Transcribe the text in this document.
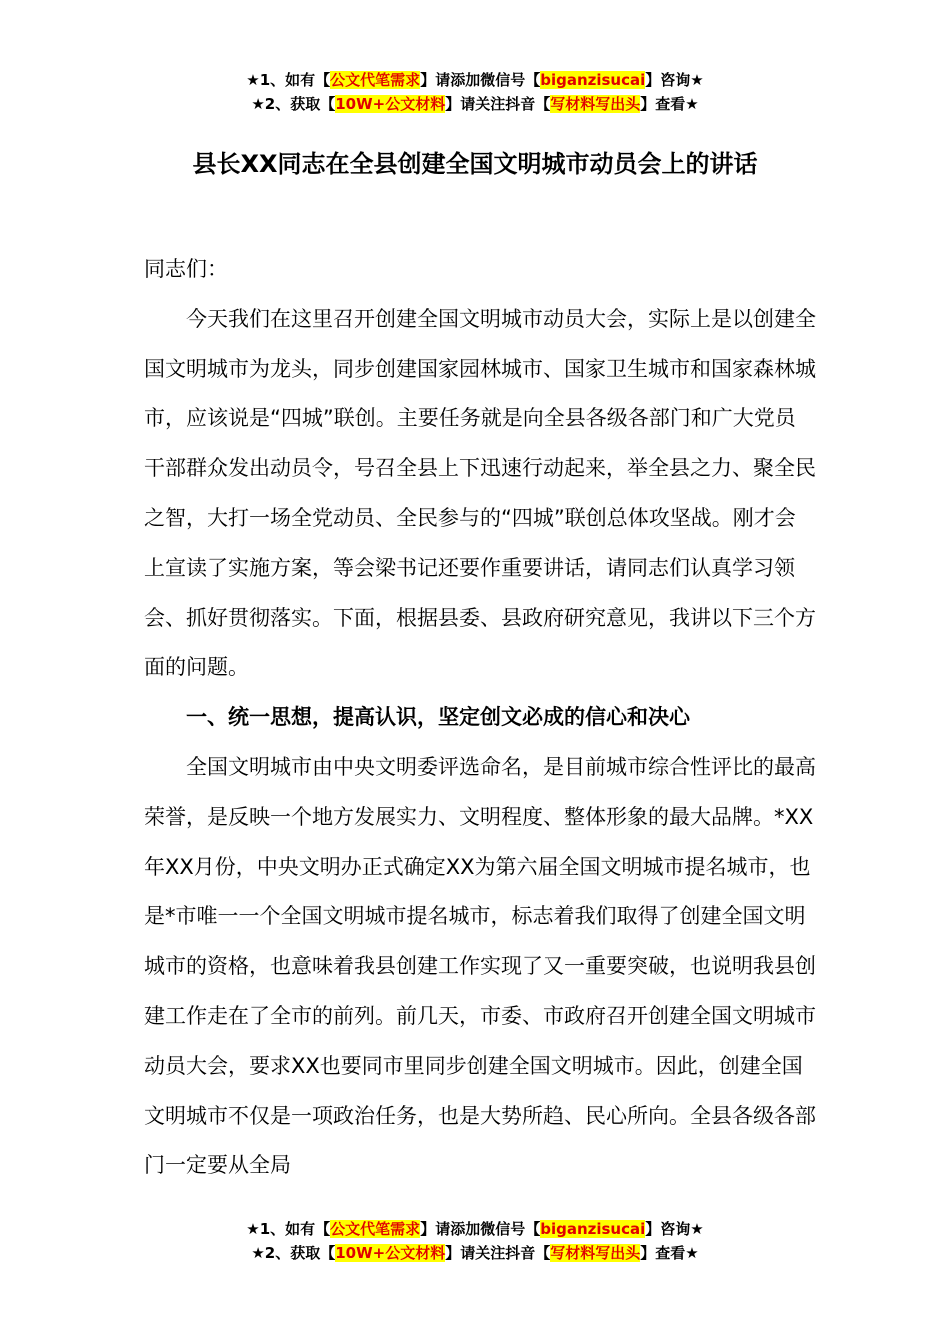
★1、如有【公文代笔需求】请添加微信号【biganzisucai】咨询★
★2、获取【10W+公文材料】请关注抖音【写材料写出头】查看★
县长XX同志在全县创建全国文明城市动员会上的讲话

同志们：

今天我们在这里召开创建全国文明城市动员大会，实际上是以创建全国文明城市为龙头，同步创建国家园林城市、国家卫生城市和国家森林城市，应该说是“四城”联创。主要任务就是向全县各级各部门和广大党员干部群众发出动员令，号召全县上下迅速行动起来，举全县之力、聚全民之智，大打一场全党动员、全民参与的“四城”联创总体攻坚战。刚才会上宣读了实施方案，等会梁书记还要作重要讲话，请同志们认真学习领会、抓好贯彻落实。下面，根据县委、县政府研究意见，我讲以下三个方面的问题。

一、统一思想，提高认识，坚定创文必成的信心和决心

全国文明城市由中央文明委评选命名，是目前城市综合性评比的最高荣誉，是反映一个地方发展实力、文明程度、整体形象的最大品牌。*XX年XX月份，中央文明办正式确定XX为第六届全国文明城市提名城市，也是*市唯一一个全国文明城市提名城市，标志着我们取得了创建全国文明城市的资格，也意味着我县创建工作实现了又一重要突破，也说明我县创建工作走在了全市的前列。前几天，市委、市政府召开创建全国文明城市动员大会，要求XX也要同市里同步创建全国文明城市。因此，创建全国文明城市不仅是一项政治任务，也是大势所趋、民心所向。全县各级各部门一定要从全局

★1、如有【公文代笔需求】请添加微信号【biganzisucai】咨询★
★2、获取【10W+公文材料】请关注抖音【写材料写出头】查看★
